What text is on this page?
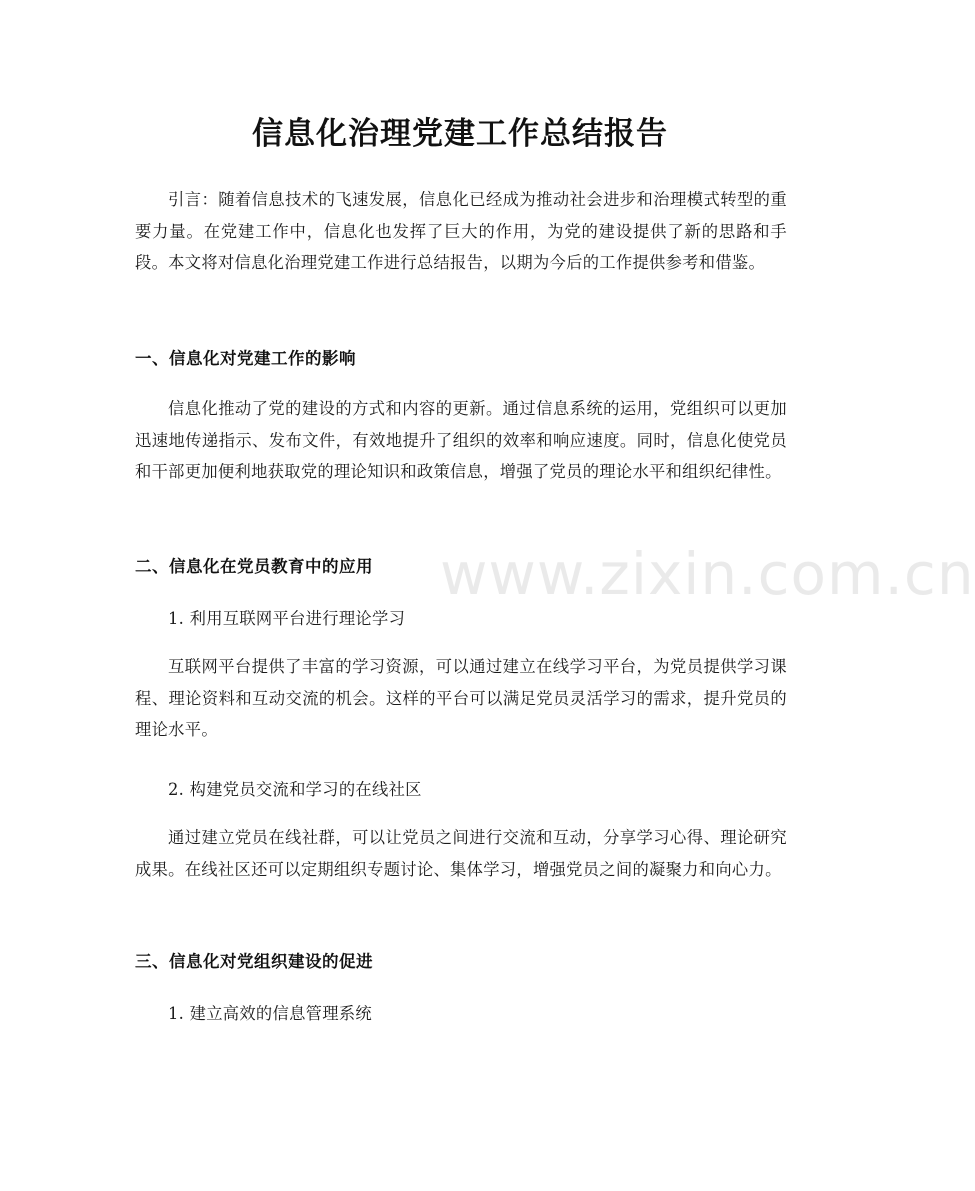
信息化治理党建工作总结报告
引言：随着信息技术的飞速发展，信息化已经成为推动社会进步和治理模式转型的重要力量。在党建工作中，信息化也发挥了巨大的作用，为党的建设提供了新的思路和手段。本文将对信息化治理党建工作进行总结报告，以期为今后的工作提供参考和借鉴。
一、信息化对党建工作的影响
信息化推动了党的建设的方式和内容的更新。通过信息系统的运用，党组织可以更加迅速地传递指示、发布文件，有效地提升了组织的效率和响应速度。同时，信息化使党员和干部更加便利地获取党的理论知识和政策信息，增强了党员的理论水平和组织纪律性。
二、信息化在党员教育中的应用
1. 利用互联网平台进行理论学习
互联网平台提供了丰富的学习资源，可以通过建立在线学习平台，为党员提供学习课程、理论资料和互动交流的机会。这样的平台可以满足党员灵活学习的需求，提升党员的理论水平。
2. 构建党员交流和学习的在线社区
通过建立党员在线社群，可以让党员之间进行交流和互动，分享学习心得、理论研究成果。在线社区还可以定期组织专题讨论、集体学习，增强党员之间的凝聚力和向心力。
三、信息化对党组织建设的促进
1. 建立高效的信息管理系统
www.zixin.com.cn
